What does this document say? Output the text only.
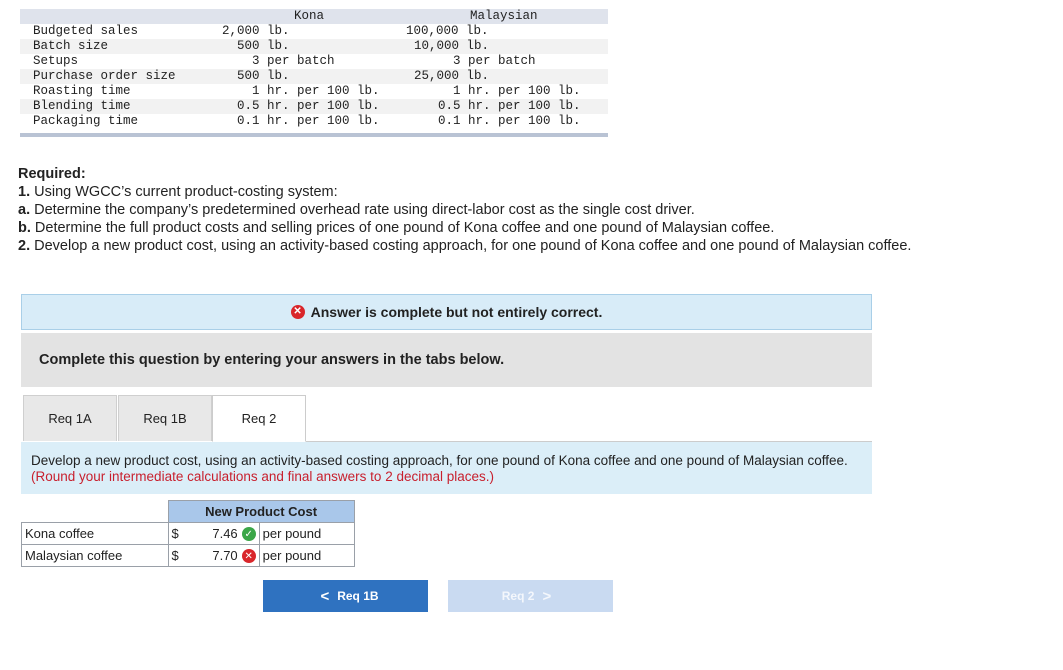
Kona	Malaysian
Budgeted sales	2,000 lb.	100,000 lb.
Batch size	500 lb.	10,000 lb.
Setups	3 per batch	3 per batch
Purchase order size	500 lb.	25,000 lb.
Roasting time	1 hr. per 100 lb.	1 hr. per 100 lb.
Blending time	0.5 hr. per 100 lb.	0.5 hr. per 100 lb.
Packaging time	0.1 hr. per 100 lb.	0.1 hr. per 100 lb.

Required:

1. Using WGCC’s current product-costing system:

a. Determine the company’s predetermined overhead rate using direct-labor cost as the single cost driver.

b. Determine the full product costs and selling prices of one pound of Kona coffee and one pound of Malaysian coffee.

2. Develop a new product cost, using an activity-based costing approach, for one pound of Kona coffee and one pound of Malaysian coffee.

✕ Answer is complete but not entirely correct.
Complete this question by entering your answers in the tabs below.
Req 1A	Req 1B	Req 2
Develop a new product cost, using an activity-based costing approach, for one pound of Kona coffee and one pound of Malaysian coffee. (Round your intermediate calculations and final answers to 2 decimal places.)
	New Product Cost	
Kona coffee	$ 7.46 ✓	per pound
Malaysian coffee	$ 7.70 ✕	per pound
< Req 1B	Req 2 >
